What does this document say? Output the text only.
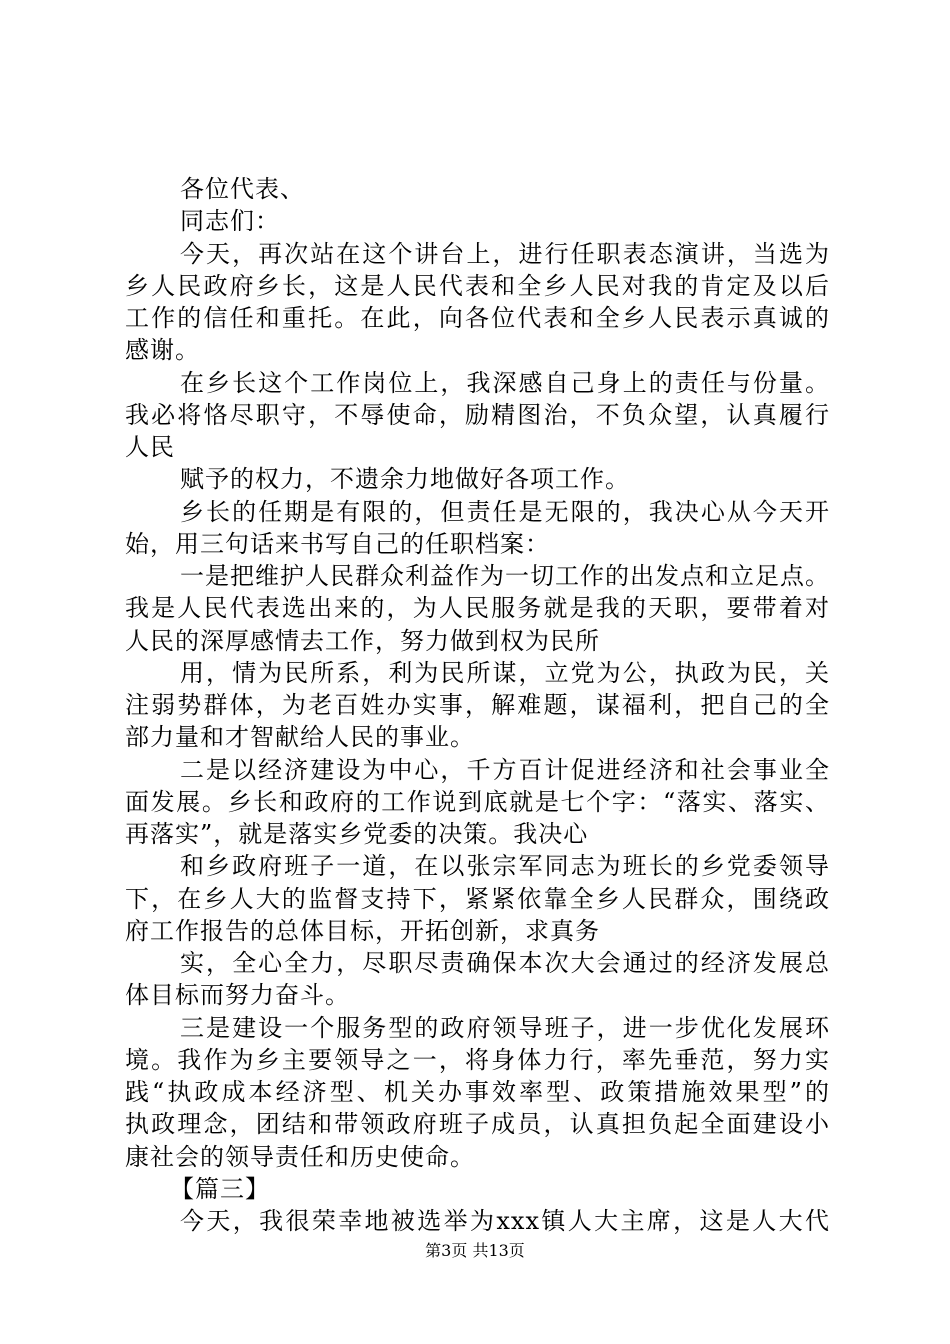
各位代表、
同志们：
今天，再次站在这个讲台上，进行任职表态演讲，当选为
乡人民政府乡长，这是人民代表和全乡人民对我的肯定及以后
工作的信任和重托。在此，向各位代表和全乡人民表示真诚的
感谢。
在乡长这个工作岗位上，我深感自己身上的责任与份量。
我必将恪尽职守，不辱使命，励精图治，不负众望，认真履行
人民
赋予的权力，不遗余力地做好各项工作。
乡长的任期是有限的，但责任是无限的，我决心从今天开
始，用三句话来书写自己的任职档案：
一是把维护人民群众利益作为一切工作的出发点和立足点。
我是人民代表选出来的，为人民服务就是我的天职，要带着对
人民的深厚感情去工作，努力做到权为民所
用，情为民所系，利为民所谋，立党为公，执政为民，关
注弱势群体，为老百姓办实事，解难题，谋福利，把自己的全
部力量和才智献给人民的事业。
二是以经济建设为中心，千方百计促进经济和社会事业全
面发展。乡长和政府的工作说到底就是七个字：“落实、落实、
再落实”，就是落实乡党委的决策。我决心
和乡政府班子一道，在以张宗军同志为班长的乡党委领导
下，在乡人大的监督支持下，紧紧依靠全乡人民群众，围绕政
府工作报告的总体目标，开拓创新，求真务
实，全心全力，尽职尽责确保本次大会通过的经济发展总
体目标而努力奋斗。
三是建设一个服务型的政府领导班子，进一步优化发展环
境。我作为乡主要领导之一，将身体力行，率先垂范，努力实
践“执政成本经济型、机关办事效率型、政策措施效果型”的
执政理念，团结和带领政府班子成员，认真担负起全面建设小
康社会的领导责任和历史使命。
【篇三】
今天，我很荣幸地被选举为xxx镇人大主席，这是人大代
第3页 共13页
